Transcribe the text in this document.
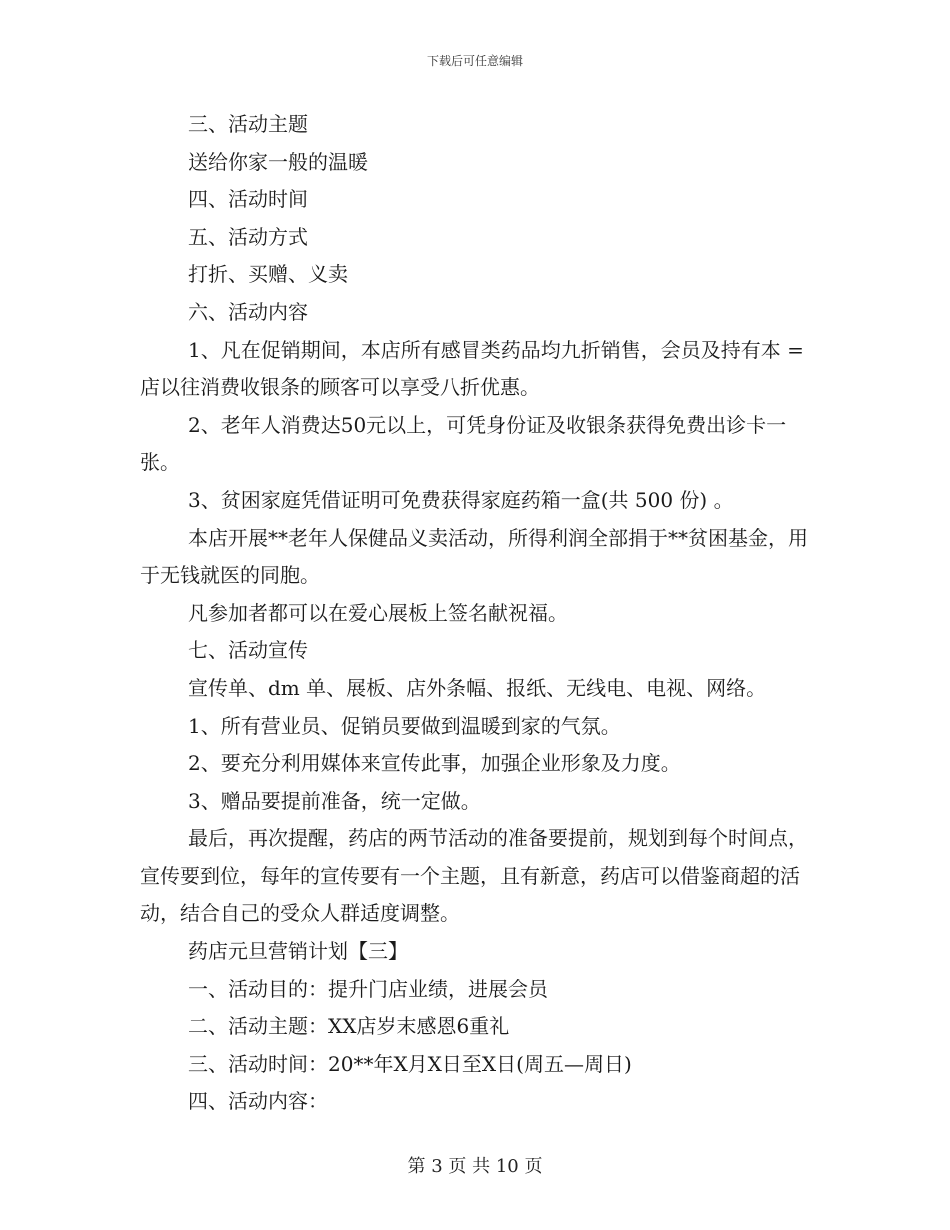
下载后可任意编辑
三、活动主题
送给你家一般的温暖
四、活动时间
五、活动方式
打折、买赠、义卖
六、活动内容
1、凡在促销期间，本店所有感冒类药品均九折销售，会员及持有本 =店以往消费收银条的顾客可以享受八折优惠。
2、老年人消费达50元以上，可凭身份证及收银条获得免费出诊卡一张。
3、贫困家庭凭借证明可免费获得家庭药箱一盒(共 500 份) 。
本店开展**老年人保健品义卖活动，所得利润全部捐于**贫困基金，用于无钱就医的同胞。
凡参加者都可以在爱心展板上签名献祝福。
七、活动宣传
宣传单、dm 单、展板、店外条幅、报纸、无线电、电视、网络。
1、所有营业员、促销员要做到温暖到家的气氛。
2、要充分利用媒体来宣传此事，加强企业形象及力度。
3、赠品要提前准备，统一定做。
最后，再次提醒，药店的两节活动的准备要提前，规划到每个时间点，宣传要到位，每年的宣传要有一个主题，且有新意，药店可以借鉴商超的活动，结合自己的受众人群适度调整。
药店元旦营销计划【三】
一、活动目的：提升门店业绩，进展会员
二、活动主题：XX店岁末感恩6重礼
三、活动时间：20**年X月X日至X日(周五—周日)
四、活动内容：
第 3 页 共 10 页
